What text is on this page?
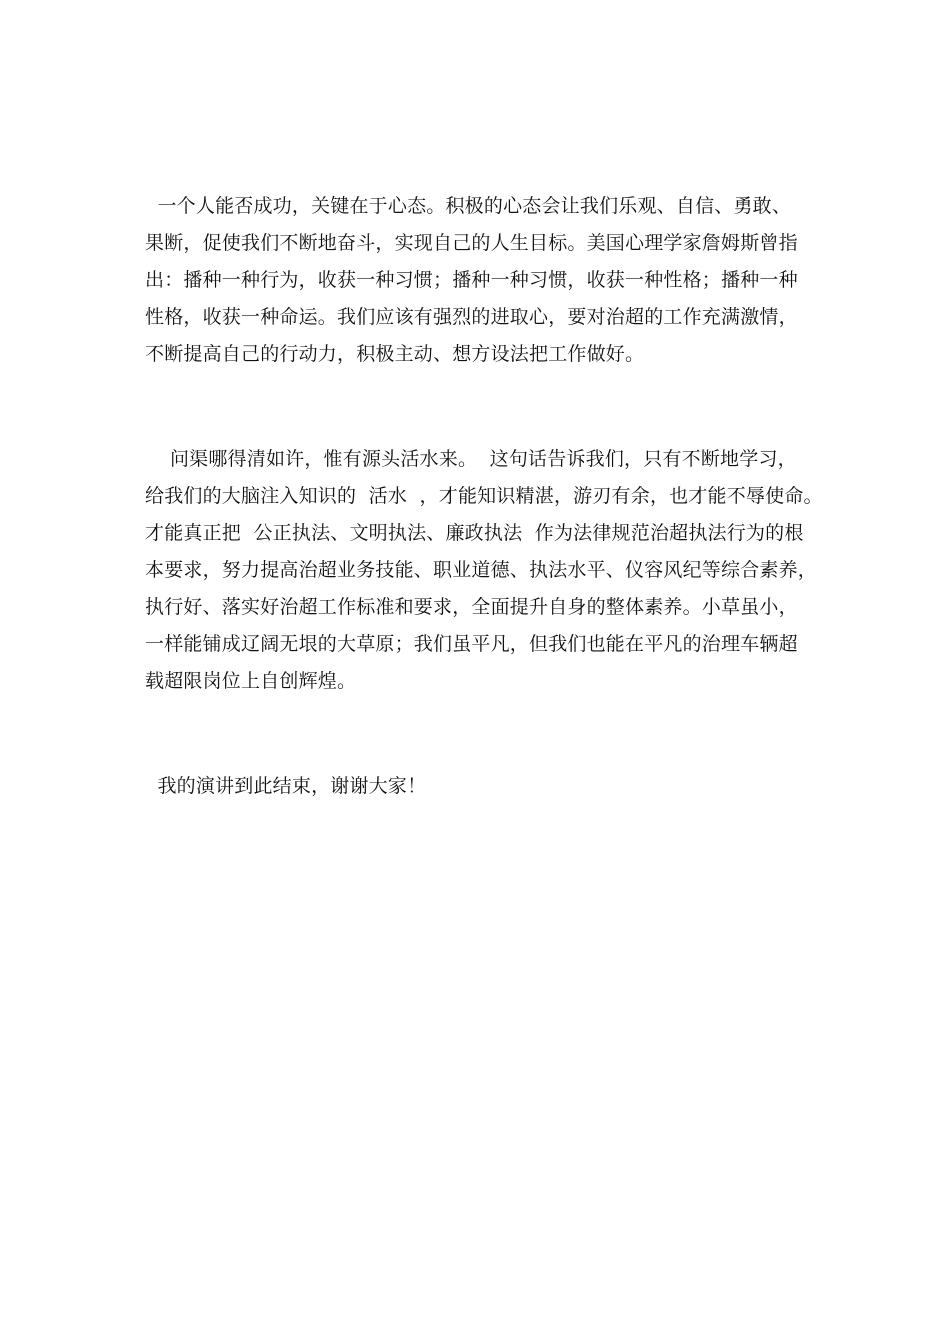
一个人能否成功，关键在于心态。积极的心态会让我们乐观、自信、勇敢、
果断，促使我们不断地奋斗，实现自己的人生目标。美国心理学家詹姆斯曾指
出：播种一种行为，收获一种习惯；播种一种习惯，收获一种性格；播种一种
性格，收获一种命运。我们应该有强烈的进取心，要对治超的工作充满激情，
不断提高自己的行动力，积极主动、想方设法把工作做好。
问渠哪得清如许，惟有源头活水来。  这句话告诉我们，只有不断地学习，
给我们的大脑注入知识的  活水  ，才能知识精湛，游刃有余，也才能不辱使命。
才能真正把  公正执法、文明执法、廉政执法  作为法律规范治超执法行为的根
本要求，努力提高治超业务技能、职业道德、执法水平、仪容风纪等综合素养，
执行好、落实好治超工作标准和要求，全面提升自身的整体素养。小草虽小，
一样能铺成辽阔无垠的大草原；我们虽平凡，但我们也能在平凡的治理车辆超
载超限岗位上自创辉煌。
我的演讲到此结束，谢谢大家！
